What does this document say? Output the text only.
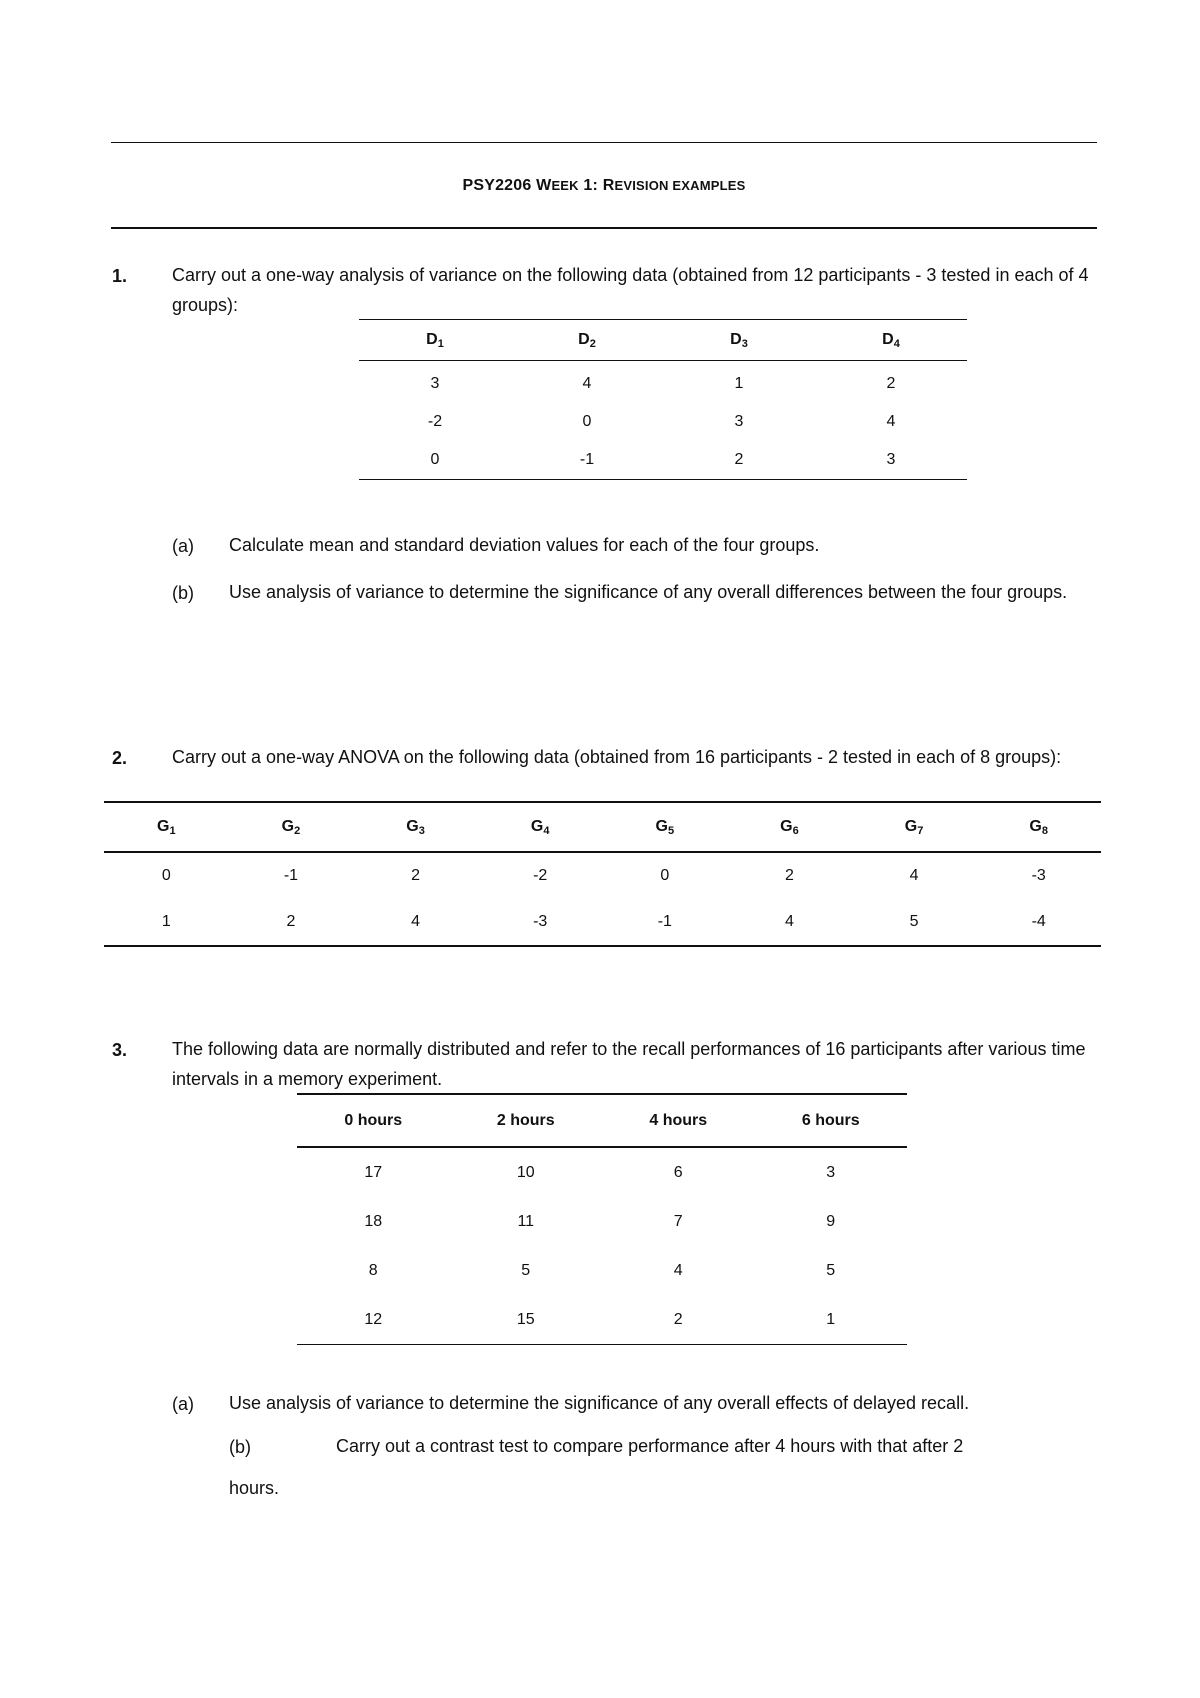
PSY2206 WEEK 1: REVISION EXAMPLES
1. Carry out a one-way analysis of variance on the following data (obtained from 12 participants - 3 tested in each of 4 groups):
$D_1$	$D_2$	$D_3$	$D_4$
3	4	1	2
-2	0	3	4
0	-1	2	3
(a) Calculate mean and standard deviation values for each of the four groups.
(b) Use analysis of variance to determine the significance of any overall differences between the four groups.
2. Carry out a one-way ANOVA on the following data (obtained from 16 participants - 2 tested in each of 8 groups):
$G_1$	$G_2$	$G_3$	$G_4$	$G_5$	$G_6$	$G_7$	$G_8$
0	-1	2	-2	0	2	4	-3
1	2	4	-3	-1	4	5	-4
3. The following data are normally distributed and refer to the recall performances of 16 participants after various time intervals in a memory experiment.
0 hours	2 hours	4 hours	6 hours
17	10	6	3
18	11	7	9
8	5	4	5
12	15	2	1
(a) Use analysis of variance to determine the significance of any overall effects of delayed recall.
(b)	Carry out a contrast test to compare performance after 4 hours with that after 2
hours.
